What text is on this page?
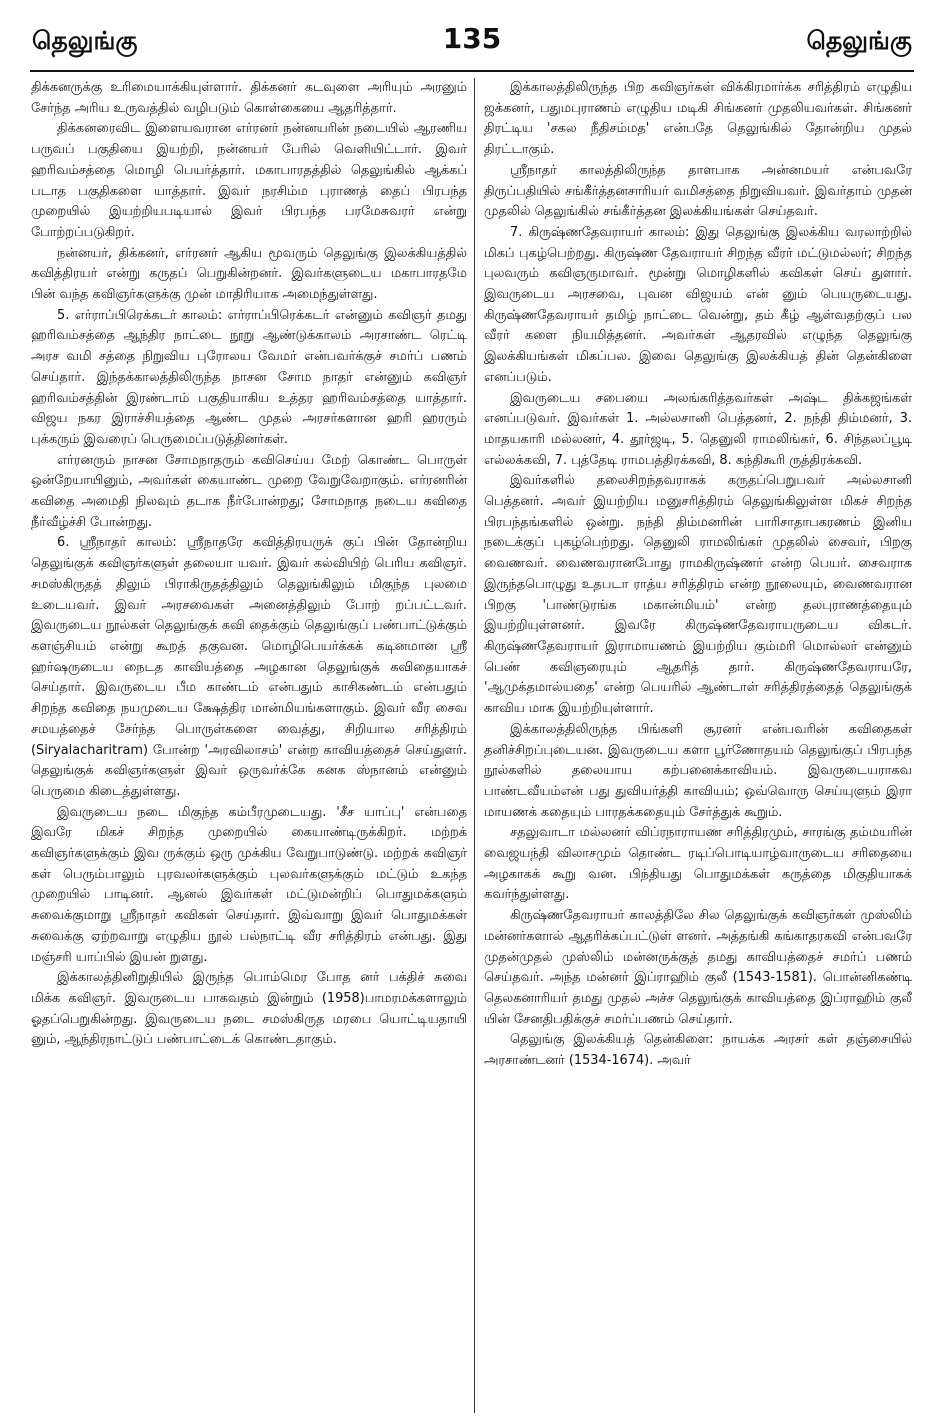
தெலுங்கு	135	தெலுங்கு

திக்கனருக்கு உரிமையாக்கியுள்ளார். திக்கனர் கடவுளை அரியும் அரனும் சேர்ந்த அரிய உருவத்தில் வழிபடும் கொள்கையை ஆதரித்தார்.

திக்கனரைவிட இளையவரான எர்ரனர் நன்னயரின் நடையில் ஆரணிய பருவப் பகுதியை இயற்றி, நன்னயர் பேரில் வெளியிட்டார். இவர் ஹரிவம்சத்தை மொழி பெயர்த்தார். மகாபாரதத்தில் தெலுங்கில் ஆக்கப் படாத பகுதிகளை யாத்தார். இவர் நரசிம்ம புராணத் தைப் பிரபந்த முறையில் இயற்றியபடியால் இவர் பிரபந்த பரமேசுவரர் என்று போற்றப்படுகிறர்.

நன்னயர், திக்கனர், எர்ரனர் ஆகிய மூவரும் தெலுங்கு இலக்கியத்தில் கவித்திரயர் என்று கருதப் பெறுகின்றனர். இவர்களுடைய மகாபாரதமே பின் வந்த கவிஞர்களுக்கு முன் மாதிரியாக அமைந்துள்ளது.

5. எர்ராப்பிரெக்கடர் காலம்: எர்ராப்பிரெக்கடர் என்னும் கவிஞர் தமது ஹரிவம்சத்தை ஆந்திர நாட்டை நூறு ஆண்டுக்காலம் அரசாண்ட ரெட்டி அரச வமி சத்தை நிறுவிய புரோலய வேமர் என்பவர்க்குச் சமர்ப் பணம் செய்தார். இந்தக்காலத்திலிருந்த நாசன சோம நாதர் என்னும் கவிஞர் ஹரிவம்சத்தின் இரண்டாம் பகுதியாகிய உத்தர ஹரிவம்சத்தை யாத்தார். விஜய நகர இராச்சியத்தை ஆண்ட முதல் அரசர்களான ஹரி ஹரரும் புக்கரும் இவரைப் பெருமைப்படுத்தினர்கள்.

எர்ரனரும் நாசன சோமநாதரும் கவிசெய்ய மேற் கொண்ட பொருள் ஒன்றேயாயினும், அவர்கள் கையாண்ட முறை வேறுவேறாகும். எர்ரனரின் கவிதை அமைதி நிலவும் தடாக நீர்போன்றது; சோமநாத நடைய கவிதை நீர்வீழ்ச்சி போன்றது.

6. ஸ்ரீநாதர் காலம்: ஸ்ரீநாதரே கவித்திரயருக் குப் பின் தோன்றிய தெலுங்குக் கவிஞர்களுள் தலையா யவர். இவர் கல்வியிற் பெரிய கவிஞர். சமஸ்கிருதத் திலும் பிராகிருதத்திலும் தெலுங்கிலும் மிகுந்த புலமை உடையவர். இவர் அரசவைகள் அனைத்திலும் போற் றப்பட்டவர். இவருடைய நூல்கள் தெலுங்குக் கவி தைக்கும் தெலுங்குப் பண்பாட்டுக்கும் களஞ்சியம் என்று கூறத் தகுவன. மொழிபெயர்க்கக் கடினமான ஸ்ரீ ஹர்ஷருடைய நைடத காவியத்தை அழகான தெலுங்குக் கவிதையாகச் செய்தார். இவருடைய பீம காண்டம் என்பதும் காசிகண்டம் என்பதும் சிறந்த கவிதை நயமுடைய க்ஷேத்திர மான்மியங்களாகும். இவர் வீர சைவ சமயத்தைச் சேர்ந்த பொருள்களை வைத்து, சிறியால சரித்திரம் (Siryalacharitram) போன்ற 'அரவிலாசம்' என்ற காவியத்தைச் செய்துளர். தெலுங்குக் கவிஞர்களுள் இவர் ஒருவர்க்கே கனக ஸ்நானம் என்னும் பெருமை கிடைத்துள்ளது.

இவருடைய நடை மிகுந்த கம்பீரமுடையது. 'சீச யாப்பு' என்பதை இவரே மிகச் சிறந்த முறையில் கையாண்டிருக்கிறர். மற்றக் கவிஞர்களுக்கும் இவ ருக்கும் ஒரு முக்கிய வேறுபாடுண்டு. மற்றக் கவிஞர் கள் பெரும்பாலும் புரவலர்களுக்கும் புலவர்களுக்கும் மட்டும் உகந்த முறையில் பாடினர். ஆனல் இவர்கள் மட்டுமன்றிப் பொதுமக்களும் சுவைக்குமாறு ஸ்ரீநாதர் கவிகள் செய்தார். இவ்வாறு இவர் பொதுமக்கள் சுவைக்கு ஏற்றவாறு எழுதிய நூல் பல்நாட்டி வீர சரித்திரம் என்பது. இது மஞ்சரி யாப்பில் இயன் றுளது.

இக்காலத்தினிறுதியில் இருந்த பொம்மெர போத னர் பக்திச் சுவை மிக்க கவிஞர். இவருடைய பாகவதம் இன்றும் (1958)பாமரமக்களாலும் ஓதப்பெறுகின்றது. இவருடைய நடை சமஸ்கிருத மரபை யொட்டியதாயி னும், ஆந்திரநாட்டுப் பண்பாட்டைக் கொண்டதாகும்.

இக்காலத்திலிருந்த பிற கவிஞர்கள் விக்கிரமார்க்க சரித்திரம் எழுதிய ஜக்கனர், பதுமபுராணம் எழுதிய மடிகி சிங்கனர் முதலியவர்கள். சிங்கனர் திரட்டிய 'சகல நீதிசம்மத' என்பதே தெலுங்கில் தோன்றிய முதல் திரட்டாகும்.

ஸ்ரீநாதர் காலத்திலிருந்த தாளபாக அன்னமயர் என்பவரே திருப்பதியில் சங்கீர்த்தனசாரியர் வமிசத்தை நிறுவியவர். இவர்தாம் முதன் முதலில் தெலுங்கில் சங்கீர்த்தன இலக்கியங்கள் செய்தவர்.

7. கிருஷ்ணதேவராயர் காலம்: இது தெலுங்கு இலக்கிய வரலாற்றில் மிகப் புகழ்பெற்றது. கிருஷ்ண தேவராயர் சிறந்த வீரர் மட்டுமல்லர்; சிறந்த புலவரும் கவிஞருமாவர். மூன்று மொழிகளில் கவிகள் செய் துளார். இவருடைய அரசவை, புவன விஜயம் என் னும் பெயருடையது. கிருஷ்ணதேவராயர் தமிழ் நாட்டை வென்று, தம் கீழ் ஆள்வதற்குப் பல வீரர் களை நியமித்தனர். அவர்கள் ஆதரவில் எழுந்த தெலுங்கு இலக்கியங்கள் மிகப்பல. இவை தெலுங்கு இலக்கியத் தின் தென்கிளை எனப்படும்.

இவருடைய சபையை அலங்கரித்தவர்கள் அஷ்ட திக்கஜங்கள் எனப்படுவர். இவர்கள் 1. அல்லசானி பெத்தனர், 2. நந்தி திம்மனர், 3. மாதயகாரி மல்லனர், 4. தூர்ஜடி, 5. தெனுலி ராமலிங்கர், 6. சிந்தலப்பூடி எல்லக்கவி, 7. புத்தேடி ராமபத்திரக்கவி, 8. கந்திகூரி ருத்திரக்கவி.

இவர்களில் தலைசிறந்தவராகக் கருதப்பெறுபவர் அல்லசானி பெத்தனர். அவர் இயற்றிய மனுசரித்திரம் தெலுங்கிலுள்ள மிகச் சிறந்த பிரபந்தங்களில் ஒன்று. நந்தி திம்மனரின் பாரிசாதாபகரணம் இனிய நடைக்குப் புகழ்பெற்றது. தெனுலி ராமலிங்கர் முதலில் சைவர், பிறகு வைணவர். வைணவரானபோது ராமகிருஷ்ணர் என்ற பெயர். சைவராக இருந்தபொழுது உதபடா ராத்ய சரித்திரம் என்ற நூலையும், வைணவரான பிறகு 'பாண்டுரங்க மகான்மியம்' என்ற தலபுராணத்தையும் இயற்றியுள்ளனர். இவரே கிருஷ்ணதேவராயருடைய விகடர். கிருஷ்ணதேவராயர் இராமாயணம் இயற்றிய கும்மரி மொல்லர் என்னும் பெண் கவிஞரையும் ஆதரித் தார். கிருஷ்ணதேவராயரே, 'ஆமுக்தமால்யதை' என்ற பெயரில் ஆண்டாள் சரித்திரத்தைத் தெலுங்குக் காவிய மாக இயற்றியுள்ளார்.

இக்காலத்திலிருந்த பிங்களி சூரனர் என்பவரின் கவிதைகள் தனிச்சிறப்புடையன. இவருடைய களா பூர்ணோதயம் தெலுங்குப் பிரபந்த நூல்களில் தலையாய கற்பனைக்காவியம். இவருடையராகவ பாண்டவீயம்என் பது துவியர்த்தி காவியம்; ஒவ்வொரு செய்யுளும் இரா மாயணக் கதையும் பாரதக்கதையும் சேர்த்துக் கூறும்.

சதலுவாடா மல்லனர் விப்ரநாராயண சரித்திரமும், சாரங்கு தம்மயரின் வைஜயந்தி விலாசமும் தொண்ட ரடிப்பொடியாழ்வாருடைய சரிதையை அழகாகக் கூறு வன. பிந்தியது பொதுமக்கள் கருத்தை மிகுதியாகக் கவர்ந்துள்ளது.

கிருஷ்ணதேவராயர் காலத்திலே சில தெலுங்குக் கவிஞர்கள் முஸ்லிம் மன்னர்களால் ஆதரிக்கப்பட்டுள் ளனர். அத்தங்கி கங்காதரகவி என்பவரே முதன்முதல் முஸ்லிம் மன்னருக்குத் தமது காவியத்தைச் சமர்ப் பணம் செய்தவர். அந்த மன்னர் இப்ராஹிம் குலீ (1543-1581). பொன்னிகண்டி தெலகனாரியர் தமது முதல் அச்ச தெலுங்குக் காவியத்தை இப்ராஹிம் குலீ யின் சேனதிபதிக்குச் சமர்ப்பணம் செய்தார்.

தெலுங்கு இலக்கியத் தென்கிளை: நாயக்க அரசர் கள் தஞ்சையில் அரசாண்டனர் (1534-1674). அவர்
